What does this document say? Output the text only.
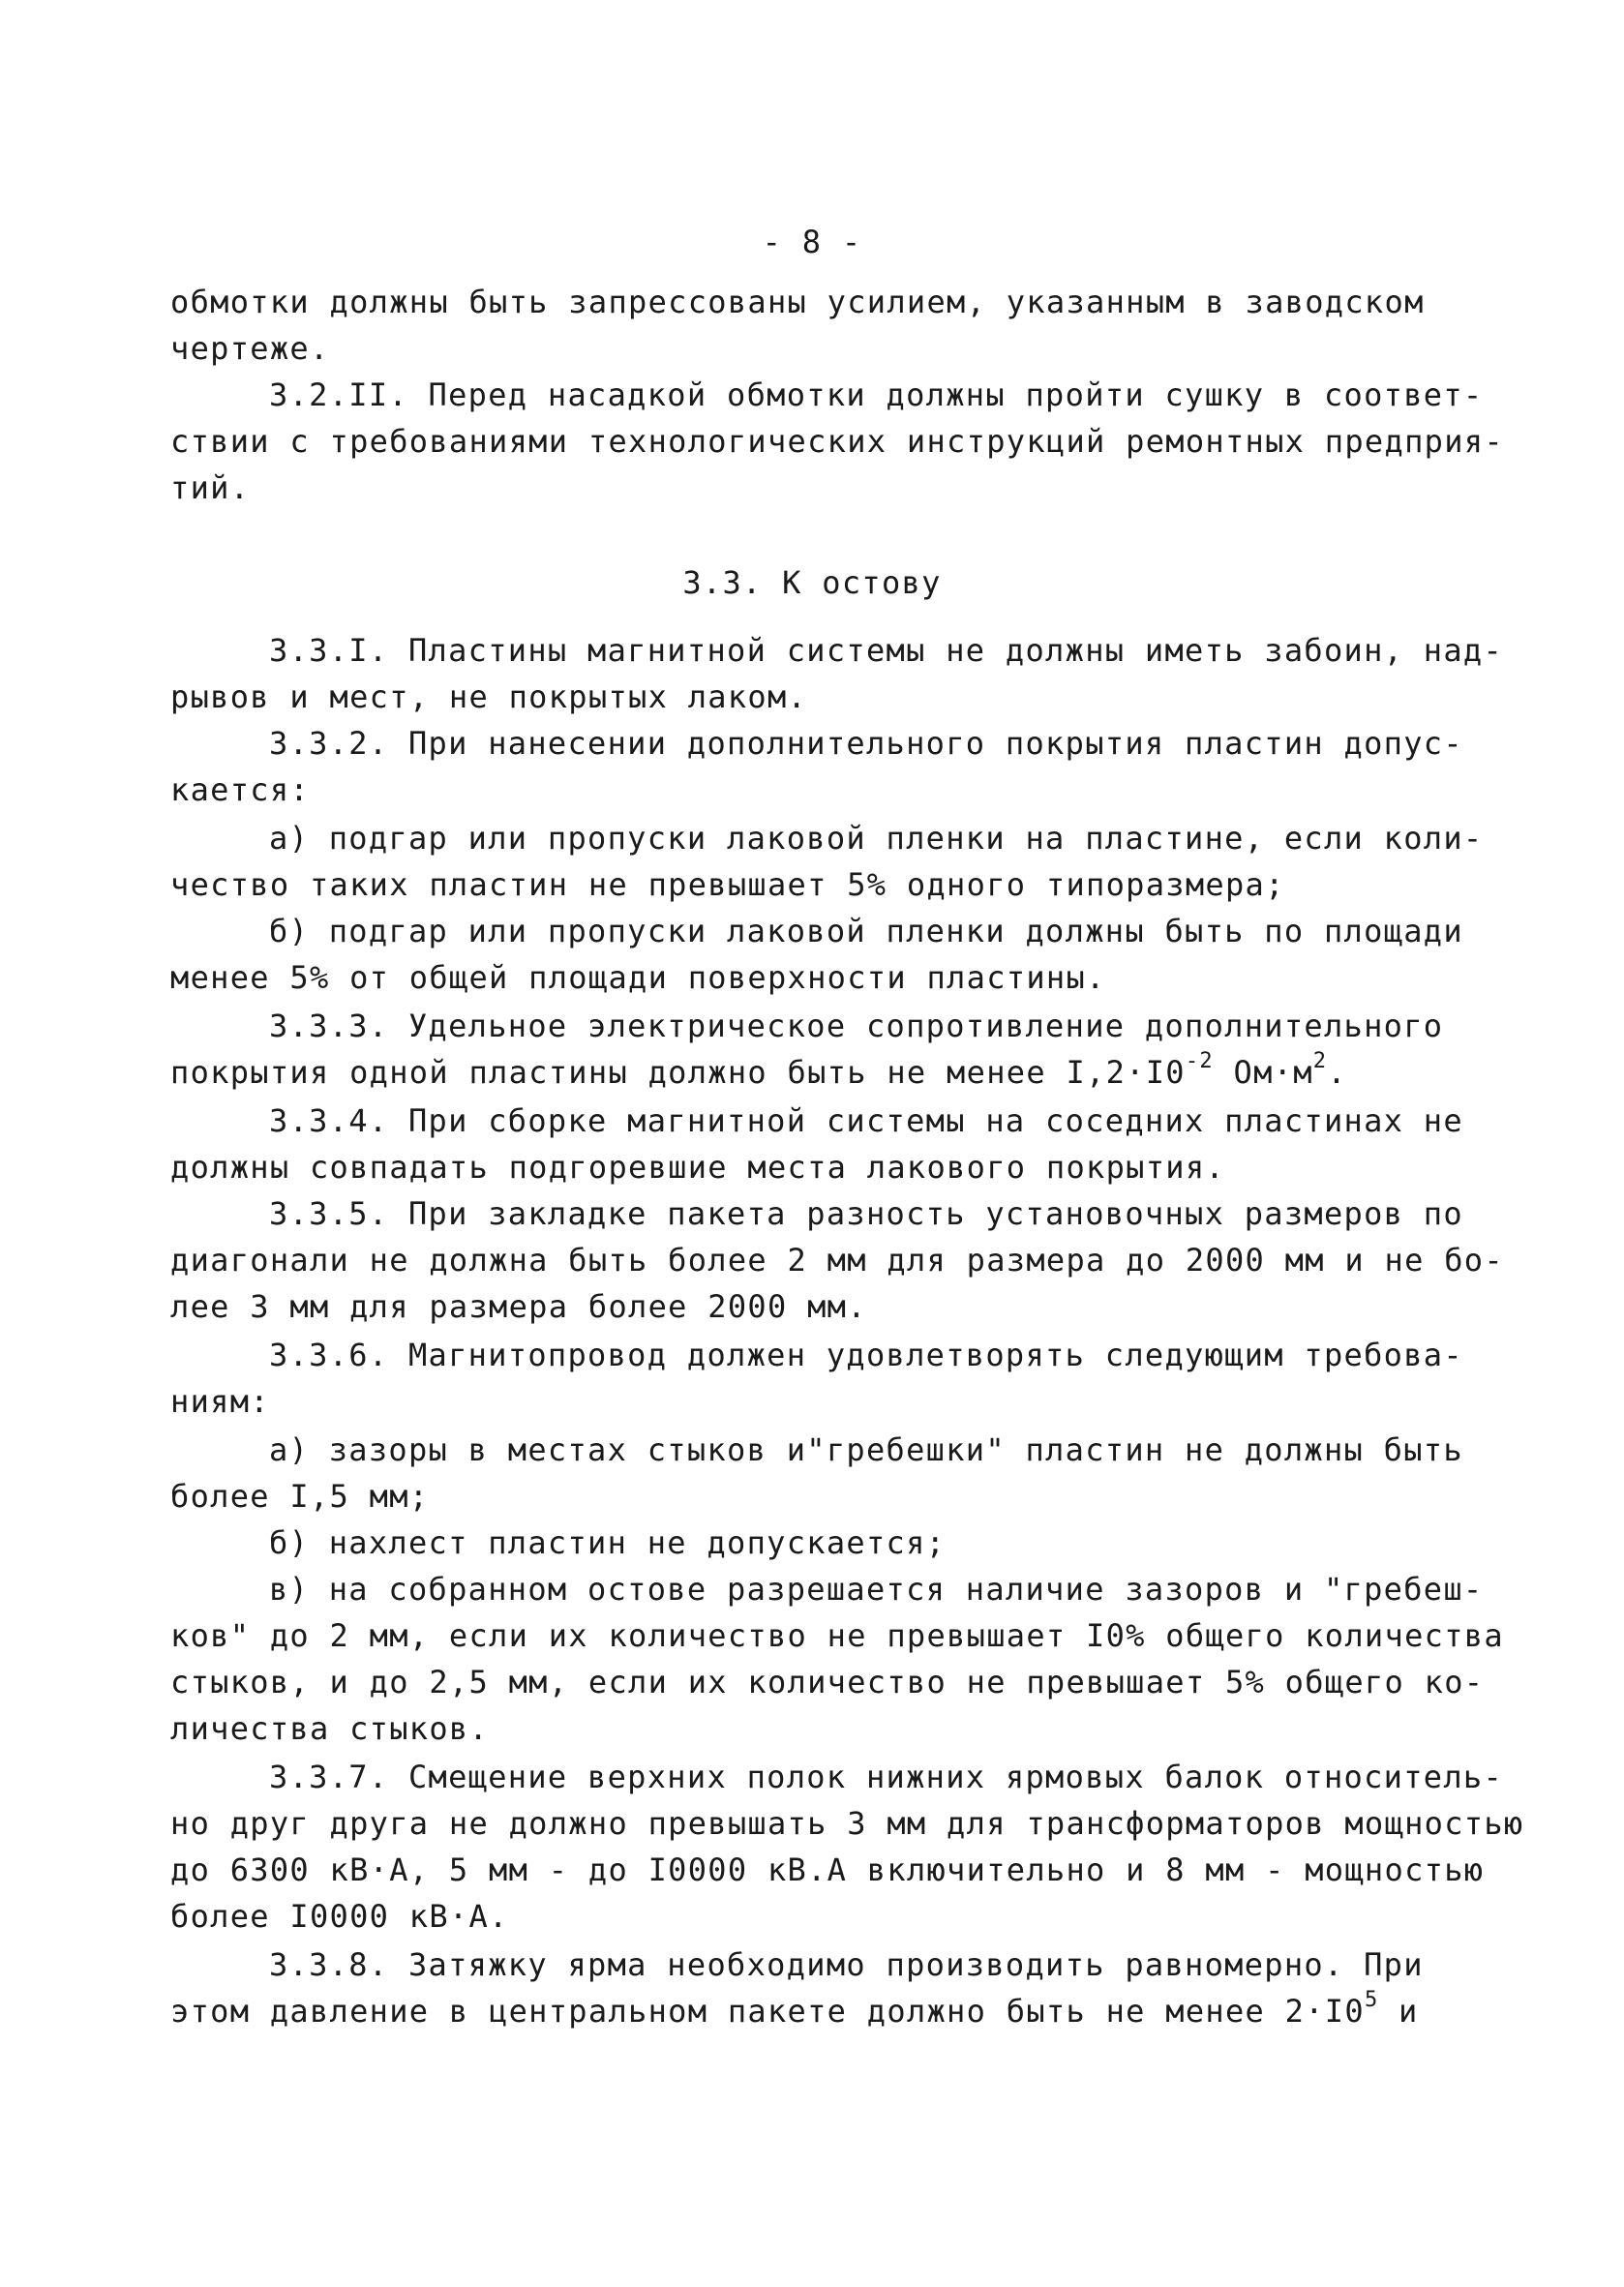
- 8 -
обмотки должны быть запрессованы усилием, указанным в заводском
чертеже.
3.2.II. Перед насадкой обмотки должны пройти сушку в соответ-
ствии с требованиями технологических инструкций ремонтных предприя-
тий.
3.3. К остову
3.3.I. Пластины магнитной системы не должны иметь забоин, над-
рывов и мест, не покрытых лаком.
3.3.2. При нанесении дополнительного покрытия пластин допус-
кается:
а) подгар или пропуски лаковой пленки на пластине, если коли-
чество таких пластин не превышает 5% одного типоразмера;
б) подгар или пропуски лаковой пленки должны быть по площади
менее 5% от общей площади поверхности пластины.
3.3.3. Удельное электрическое сопротивление дополнительного
покрытия одной пластины должно быть не менее $I,2\cdot I0^{-2}$ $Ом\cdot м^2$.
3.3.4. При сборке магнитной системы на соседних пластинах не
должны совпадать подгоревшие места лакового покрытия.
3.3.5. При закладке пакета разность установочных размеров по
диагонали не должна быть более 2 мм для размера до 2000 мм и не бо-
лее 3 мм для размера более 2000 мм.
3.3.6. Магнитопровод должен удовлетворять следующим требова-
ниям:
а) зазоры в местах стыков и"гребешки" пластин не должны быть
более I,5 мм;
б) нахлест пластин не допускается;
в) на собранном остове разрешается наличие зазоров и "гребеш-
ков" до 2 мм, если их количество не превышает I0% общего количества
стыков, и до 2,5 мм, если их количество не превышает 5% общего ко-
личества стыков.
3.3.7. Смещение верхних полок нижних ярмовых балок относитель-
но друг друга не должно превышать 3 мм для трансформаторов мощностью
до 6300 кВ·А, 5 мм - до I0000 кВ.А включительно и 8 мм - мощностью
более I0000 кВ·А.
3.3.8. Затяжку ярма необходимо производить равномерно. При
этом давление в центральном пакете должно быть не менее $2\cdot I0^5$ и
